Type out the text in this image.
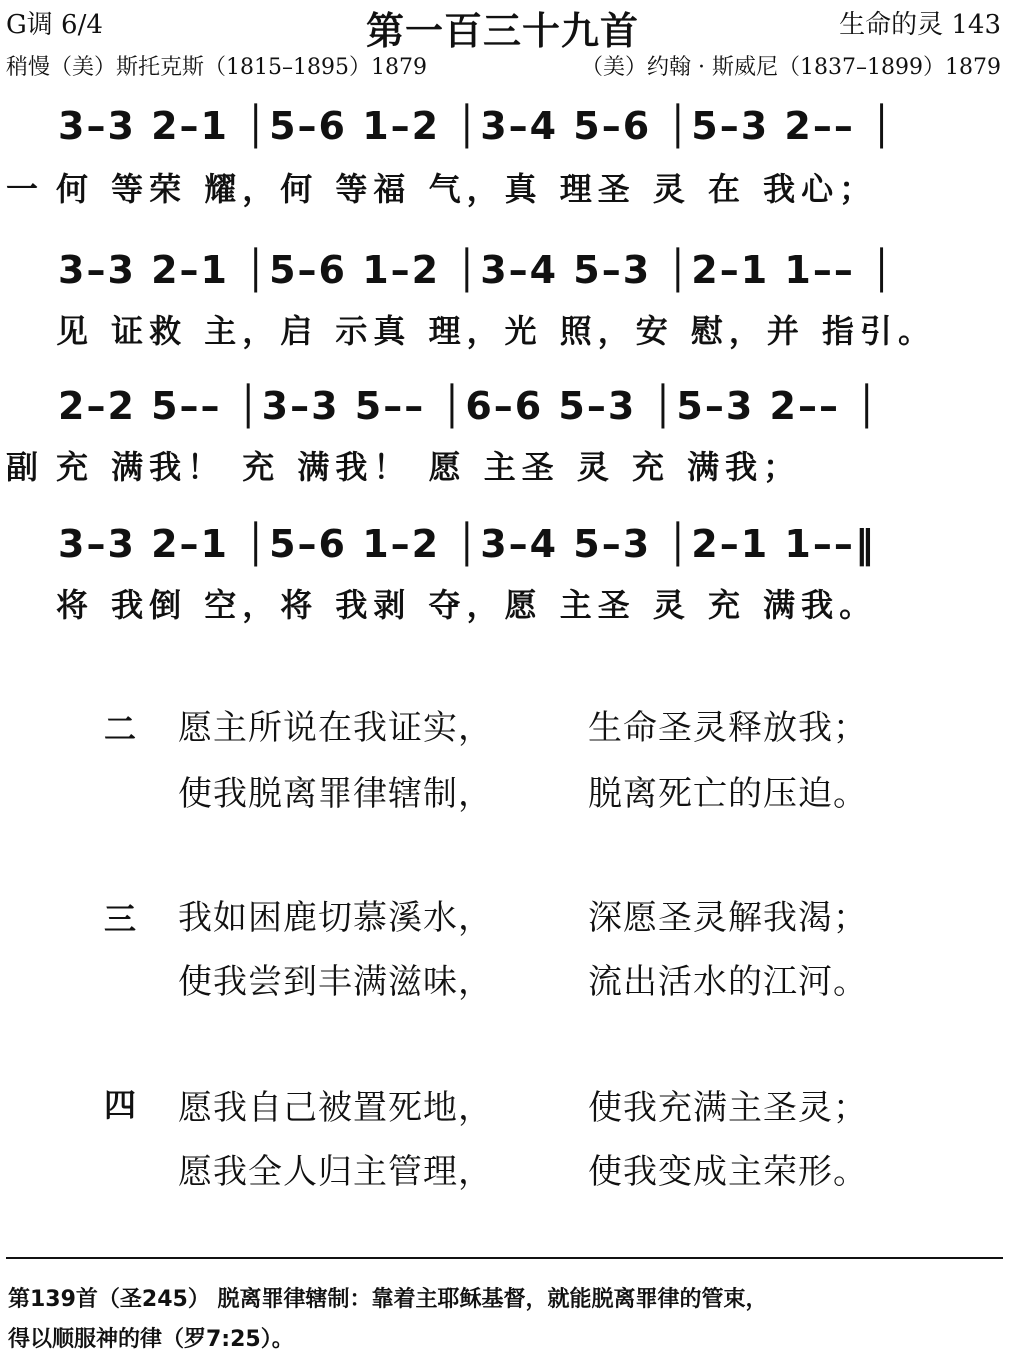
G调 6/4	第一百三十九首	生命的灵 143
稍慢（美）斯托克斯（1815–1895）1879	（美）约翰 · 斯威尼（1837–1899）1879
3–3 2–1 │5–6 1–2 │3–4 5–6 │5–3 2–– │
一 何 等荣 耀，何 等福 气，真 理圣 灵 在 我心；
3–3 2–1 │5–6 1–2 │3–4 5–3 │2–1 1–– │
见 证救 主，启 示真 理，光 照，安 慰，并 指引。
2–2 5–– │3–3 5–– │6–6 5–3 │5–3 2–– │
副 充 满我！ 充 满我！ 愿 主圣 灵 充 满我；
3–3 2–1 │5–6 1–2 │3–4 5–3 │2–1 1––‖
将 我倒 空，将 我剥 夺，愿 主圣 灵 充 满我。
二 愿主所说在我证实，	生命圣灵释放我；
使我脱离罪律辖制，	脱离死亡的压迫。
三 我如困鹿切慕溪水，	深愿圣灵解我渴；
使我尝到丰满滋味，	流出活水的江河。
四 愿我自己被置死地，	使我充满主圣灵；
愿我全人归主管理，	使我变成主荣形。
第139首（圣245） 脱离罪律辖制：靠着主耶稣基督，就能脱离罪律的管束，
得以顺服神的律（罗7:25）。
